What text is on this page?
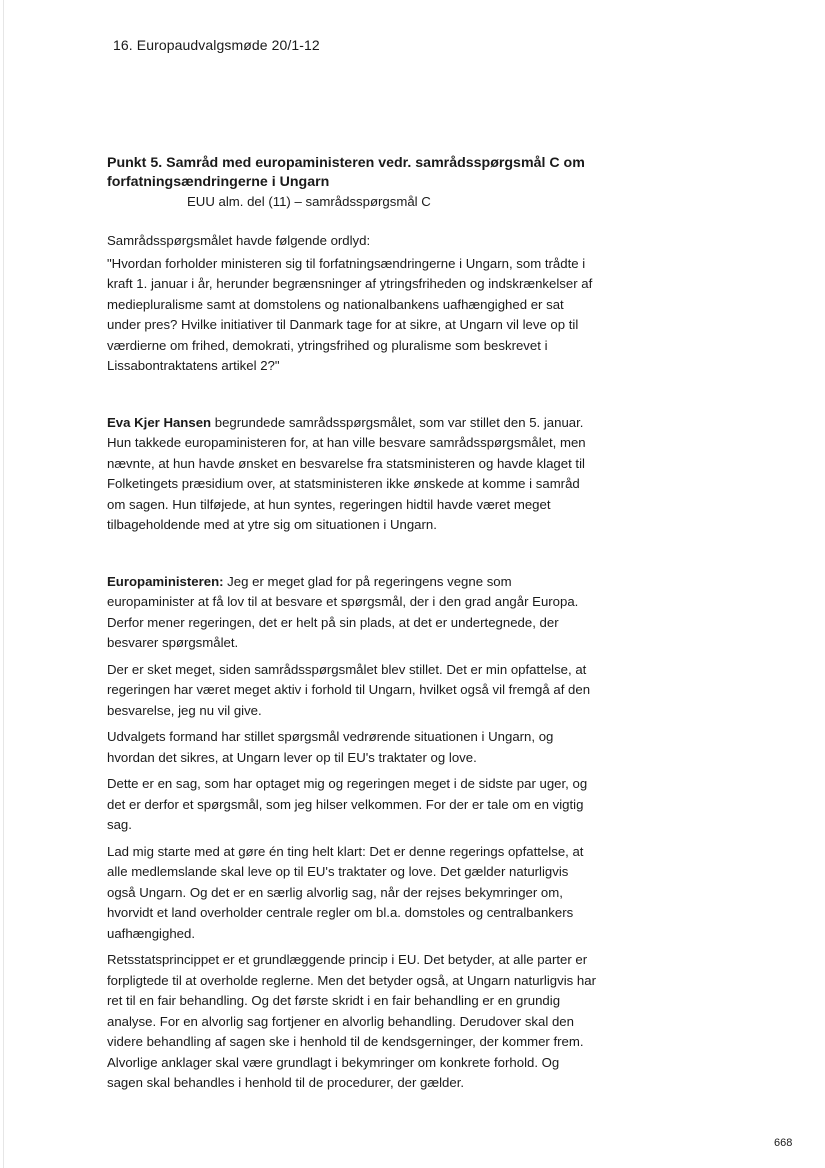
16. Europaudvalgsmøde 20/1-12

Punkt 5. Samråd med europaministeren vedr. samrådsspørgsmål C om forfatningsændringerne i Ungarn

EUU alm. del (11) – samrådsspørgsmål C

Samrådsspørgsmålet havde følgende ordlyd:

"Hvordan forholder ministeren sig til forfatningsændringerne i Ungarn, som trådte i kraft 1. januar i år, herunder begrænsninger af ytringsfriheden og indskrænkelser af mediepluralisme samt at domstolens og nationalbankens uafhængighed er sat under pres? Hvilke initiativer til Danmark tage for at sikre, at Ungarn vil leve op til værdierne om frihed, demokrati, ytringsfrihed og pluralisme som beskrevet i Lissabontraktatens artikel 2?"

Eva Kjer Hansen begrundede samrådsspørgsmålet, som var stillet den 5. januar. Hun takkede europaministeren for, at han ville besvare samrådsspørgsmålet, men nævnte, at hun havde ønsket en besvarelse fra statsministeren og havde klaget til Folketingets præsidium over, at statsministeren ikke ønskede at komme i samråd om sagen. Hun tilføjede, at hun syntes, regeringen hidtil havde været meget tilbageholdende med at ytre sig om situationen i Ungarn.

Europaministeren: Jeg er meget glad for på regeringens vegne som europaminister at få lov til at besvare et spørgsmål, der i den grad angår Europa. Derfor mener regeringen, det er helt på sin plads, at det er undertegnede, der besvarer spørgsmålet.

Der er sket meget, siden samrådsspørgsmålet blev stillet. Det er min opfattelse, at regeringen har været meget aktiv i forhold til Ungarn, hvilket også vil fremgå af den besvarelse, jeg nu vil give.

Udvalgets formand har stillet spørgsmål vedrørende situationen i Ungarn, og hvordan det sikres, at Ungarn lever op til EU's traktater og love.

Dette er en sag, som har optaget mig og regeringen meget i de sidste par uger, og det er derfor et spørgsmål, som jeg hilser velkommen. For der er tale om en vigtig sag.

Lad mig starte med at gøre én ting helt klart: Det er denne regerings opfattelse, at alle medlemslande skal leve op til EU's traktater og love. Det gælder naturligvis også Ungarn. Og det er en særlig alvorlig sag, når der rejses bekymringer om, hvorvidt et land overholder centrale regler om bl.a. domstoles og centralbankers uafhængighed.

Retsstatsprincippet er et grundlæggende princip i EU. Det betyder, at alle parter er forpligtede til at overholde reglerne. Men det betyder også, at Ungarn naturligvis har ret til en fair behandling. Og det første skridt i en fair behandling er en grundig analyse. For en alvorlig sag fortjener en alvorlig behandling. Derudover skal den videre behandling af sagen ske i henhold til de kendsgerninger, der kommer frem. Alvorlige anklager skal være grundlagt i bekymringer om konkrete forhold. Og sagen skal behandles i henhold til de procedurer, der gælder.

668
